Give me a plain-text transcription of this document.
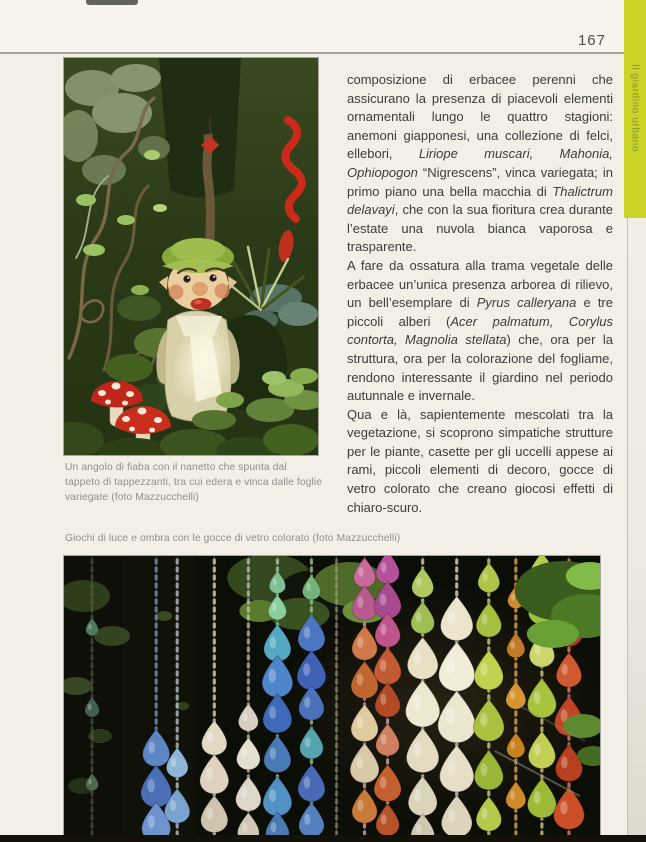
167
Il giardino urbano
Un angolo di fiaba con il nanetto che spunta dal tappeto di tappezzanti, tra cui edera e vinca dalle foglie variegate (foto Mazzucchelli)

composizione di erbacee perenni che assicurano la presenza di piacevoli elementi ornamentali lungo le quattro stagioni: anemoni giapponesi, una collezione di felci, ellebori, Liriope muscari, Mahonia, Ophiopogon “Nigrescens”, vinca variegata; in primo piano una bella macchia di Thalictrum delavayi, che con la sua fioritura crea durante l’estate una nuvola bianca vaporosa e trasparente.

A fare da ossatura alla trama vegetale delle erbacee un’unica presenza arborea di rilievo, un bell’esemplare di Pyrus calleryana e tre piccoli alberi (Acer palmatum, Corylus contorta, Magnolia stellata) che, ora per la struttura, ora per la colorazione del fogliame, rendono interessante il giardino nel periodo autunnale e invernale.

Qua e là, sapientemente mescolati tra la vegetazione, si scoprono simpatiche strutture per le piante, casette per gli uccelli appese ai rami, piccoli elementi di decoro, gocce di vetro colorato che creano giocosi effetti di chiaro-scuro.

Giochi di luce e ombra con le gocce di vetro colorato (foto Mazzucchelli)
